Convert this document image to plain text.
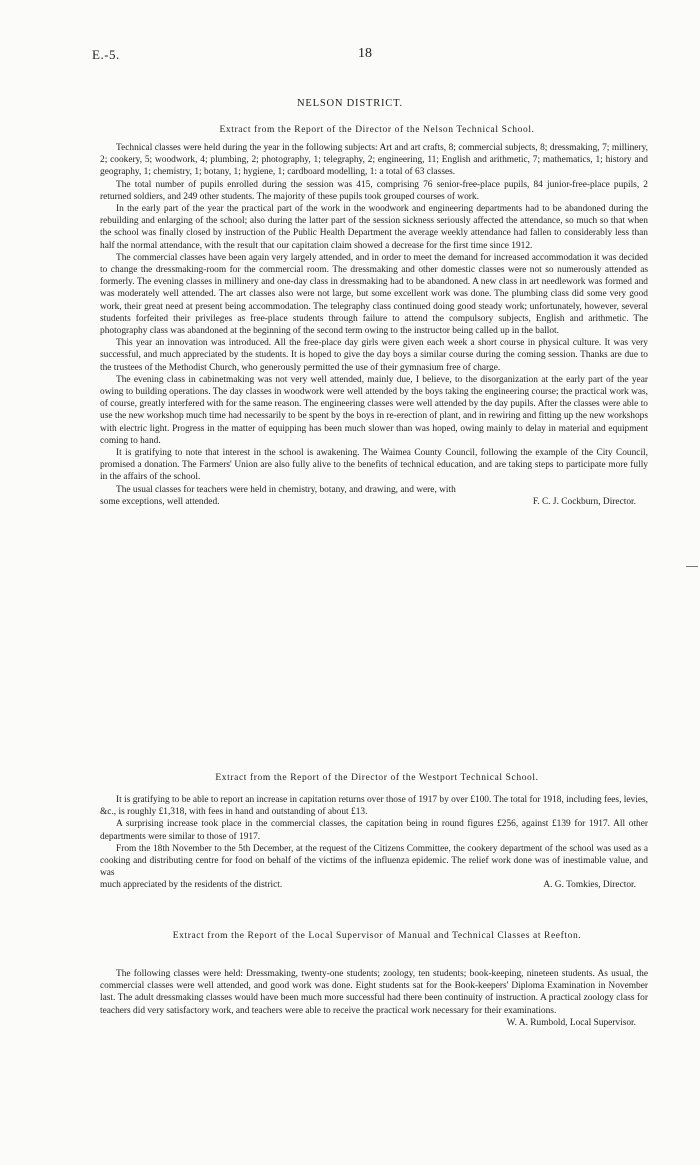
E.-5.	18
NELSON DISTRICT.
Extract from the Report of the Director of the Nelson Technical School.

Technical classes were held during the year in the following subjects: Art and art crafts, 8; commercial subjects, 8; dressmaking, 7; millinery, 2; cookery, 5; woodwork, 4; plumbing, 2; photography, 1; telegraphy, 2; engineering, 11; English and arithmetic, 7; mathematics, 1; history and geography, 1; chemistry, 1; botany, 1; hygiene, 1; cardboard modelling, 1: a total of 63 classes.

The total number of pupils enrolled during the session was 415, comprising 76 senior-free-place pupils, 84 junior-free-place pupils, 2 returned soldiers, and 249 other students. The majority of these pupils took grouped courses of work.

In the early part of the year the practical part of the work in the woodwork and engineering departments had to be abandoned during the rebuilding and enlarging of the school; also during the latter part of the session sickness seriously affected the attendance, so much so that when the school was finally closed by instruction of the Public Health Department the average weekly attendance had fallen to considerably less than half the normal attendance, with the result that our capitation claim showed a decrease for the first time since 1912.

The commercial classes have been again very largely attended, and in order to meet the demand for increased accommodation it was decided to change the dressmaking-room for the commercial room. The dressmaking and other domestic classes were not so numerously attended as formerly. The evening classes in millinery and one-day class in dressmaking had to be abandoned. A new class in art needlework was formed and was moderately well attended. The art classes also were not large, but some excellent work was done. The plumbing class did some very good work, their great need at present being accommodation. The telegraphy class continued doing good steady work; unfortunately, however, several students forfeited their privileges as free-place students through failure to attend the compulsory subjects, English and arithmetic. The photography class was abandoned at the beginning of the second term owing to the instructor being called up in the ballot.

This year an innovation was introduced. All the free-place day girls were given each week a short course in physical culture. It was very successful, and much appreciated by the students. It is hoped to give the day boys a similar course during the coming session. Thanks are due to the trustees of the Methodist Church, who generously permitted the use of their gymnasium free of charge.

The evening class in cabinetmaking was not very well attended, mainly due, I believe, to the disorganization at the early part of the year owing to building operations. The day classes in woodwork were well attended by the boys taking the engineering course; the practical work was, of course, greatly interfered with for the same reason. The engineering classes were well attended by the day pupils. After the classes were able to use the new workshop much time had necessarily to be spent by the boys in re-erection of plant, and in rewiring and fitting up the new workshops with electric light. Progress in the matter of equipping has been much slower than was hoped, owing mainly to delay in material and equipment coming to hand.

It is gratifying to note that interest in the school is awakening. The Waimea County Council, following the example of the City Council, promised a donation. The Farmers' Union are also fully alive to the benefits of technical education, and are taking steps to participate more fully in the affairs of the school.

The usual classes for teachers were held in chemistry, botany, and drawing, and were, with

some exceptions, well attended.	F. C. J. Cockburn, Director.
Extract from the Report of the Director of the Westport Technical School.

It is gratifying to be able to report an increase in capitation returns over those of 1917 by over £100. The total for 1918, including fees, levies, &c., is roughly £1,318, with fees in hand and outstanding of about £13.

A surprising increase took place in the commercial classes, the capitation being in round figures £256, against £139 for 1917. All other departments were similar to those of 1917.

From the 18th November to the 5th December, at the request of the Citizens Committee, the cookery department of the school was used as a cooking and distributing centre for food on behalf of the victims of the influenza epidemic. The relief work done was of inestimable value, and was

much appreciated by the residents of the district.	A. G. Tomkies, Director.
Extract from the Report of the Local Supervisor of Manual and Technical Classes at Reefton.

The following classes were held: Dressmaking, twenty-one students; zoology, ten students; book-keeping, nineteen students. As usual, the commercial classes were well attended, and good work was done. Eight students sat for the Book-keepers' Diploma Examination in November last. The adult dressmaking classes would have been much more successful had there been continuity of instruction. A practical zoology class for teachers did very satisfactory work, and teachers were able to receive the practical work necessary for their examinations.

W. A. Rumbold, Local Supervisor.
